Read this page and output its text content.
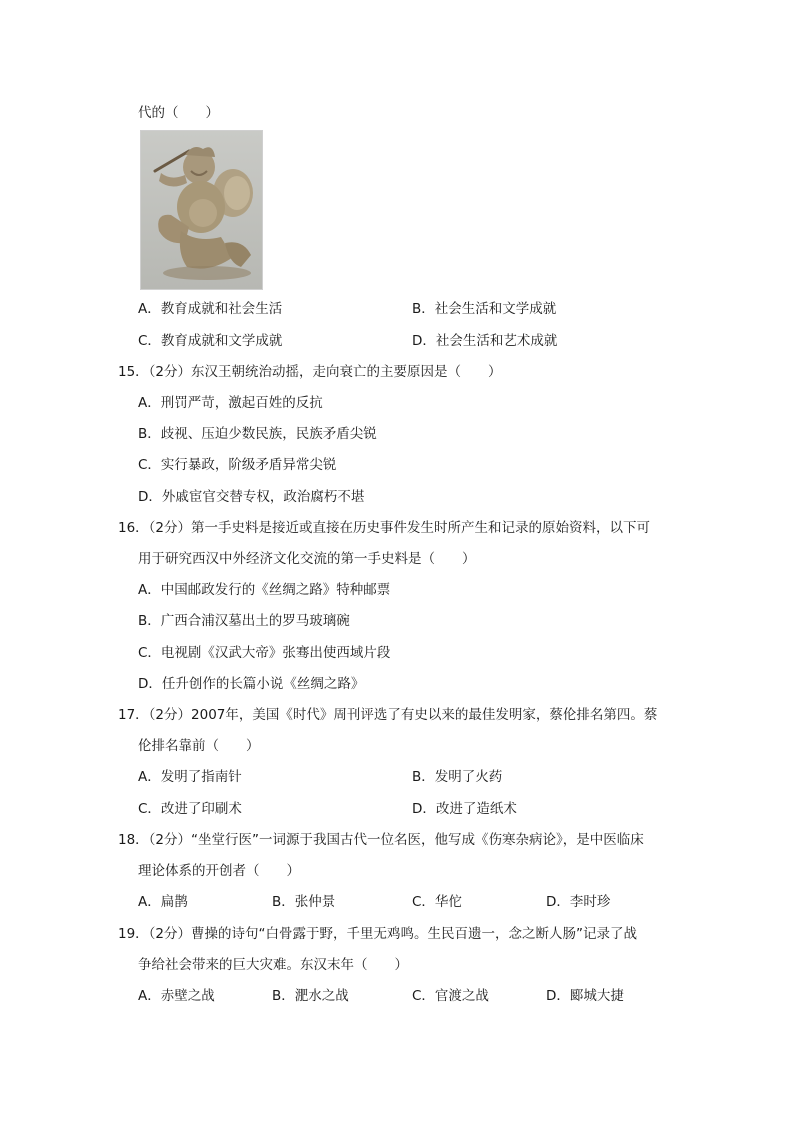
代的（　　）
A．教育成就和社会生活	B．社会生活和文学成就
C．教育成就和文学成就	D．社会生活和艺术成就
15．（2分）东汉王朝统治动摇，走向衰亡的主要原因是（　　）
A．刑罚严苛，激起百姓的反抗
B．歧视、压迫少数民族，民族矛盾尖锐
C．实行暴政，阶级矛盾异常尖锐
D．外戚宦官交替专权，政治腐朽不堪
16．（2分）第一手史料是接近或直接在历史事件发生时所产生和记录的原始资料，以下可
用于研究西汉中外经济文化交流的第一手史料是（　　）
A．中国邮政发行的《丝绸之路》特种邮票
B．广西合浦汉墓出土的罗马玻璃碗
C．电视剧《汉武大帝》张骞出使西域片段
D．任升创作的长篇小说《丝绸之路》
17．（2分）2007年，美国《时代》周刊评选了有史以来的最佳发明家，蔡伦排名第四。蔡
伦排名靠前（　　）
A．发明了指南针	B．发明了火药
C．改进了印刷术	D．改进了造纸术
18．（2分）“坐堂行医”一词源于我国古代一位名医，他写成《伤寒杂病论》，是中医临床
理论体系的开创者（　　）
A．扁鹊	B．张仲景	C．华佗	D．李时珍
19．（2分）曹操的诗句“白骨露于野，千里无鸡鸣。生民百遗一，念之断人肠”记录了战
争给社会带来的巨大灾难。东汉末年（　　）
A．赤壁之战	B．淝水之战	C．官渡之战	D．郾城大捷
